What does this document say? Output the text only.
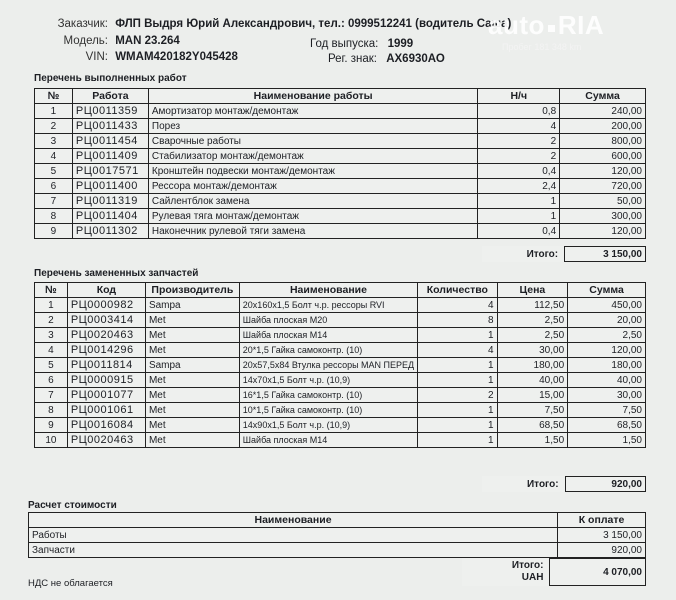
Заказчик: ФЛП Выдря Юрий Александрович, тел.: 0999512241 (водитель Саша)
Модель: MAN 23.264	Год выпуска: 1999
VIN: WMAM420182Y045428	Рег. знак: АХ6930АО
auto RIA
Пробег 181 348 km
Перечень выполненных работ
№	Работа	Наименование работы	Н/ч	Сумма
1	РЦ0011359	Амортизатор монтаж/демонтаж	0,8	240,00
2	РЦ0011433	Порез	4	200,00
3	РЦ0011454	Сварочные работы	2	800,00
4	РЦ0011409	Стабилизатор монтаж/демонтаж	2	600,00
5	РЦ0017571	Кронштейн подвески монтаж/демонтаж	0,4	120,00
6	РЦ0011400	Рессора монтаж/демонтаж	2,4	720,00
7	РЦ0011319	Сайлентблок замена	1	50,00
8	РЦ0011404	Рулевая тяга монтаж/демонтаж	1	300,00
9	РЦ0011302	Наконечник рулевой тяги замена	0,4	120,00
Итого:	3 150,00
Перечень замененных запчастей
№	Код	Производитель	Наименование	Количество	Цена	Сумма
1	РЦ0000982	Sampa	20x160x1,5 Болт ч.р. рессоры RVI	4	112,50	450,00
2	РЦ0003414	Met	Шайба плоская M20	8	2,50	20,00
3	РЦ0020463	Met	Шайба плоская M14	1	2,50	2,50
4	РЦ0014296	Met	20*1,5 Гайка самоконтр. (10)	4	30,00	120,00
5	РЦ0011814	Sampa	20x57,5x84 Втулка рессоры MAN ПЕРЕД	1	180,00	180,00
6	РЦ0000915	Met	14x70x1,5 Болт ч.р. (10,9)	1	40,00	40,00
7	РЦ0001077	Met	16*1,5 Гайка самоконтр. (10)	2	15,00	30,00
8	РЦ0001061	Met	10*1,5 Гайка самоконтр. (10)	1	7,50	7,50
9	РЦ0016084	Met	14x90x1,5 Болт ч.р. (10,9)	1	68,50	68,50
10	РЦ0020463	Met	Шайба плоская M14	1	1,50	1,50
Итого:	920,00
Расчет стоимости
Наименование	К оплате
Работы	3 150,00
Запчасти	920,00
Итого:
UAH	4 070,00
НДС не облагается
